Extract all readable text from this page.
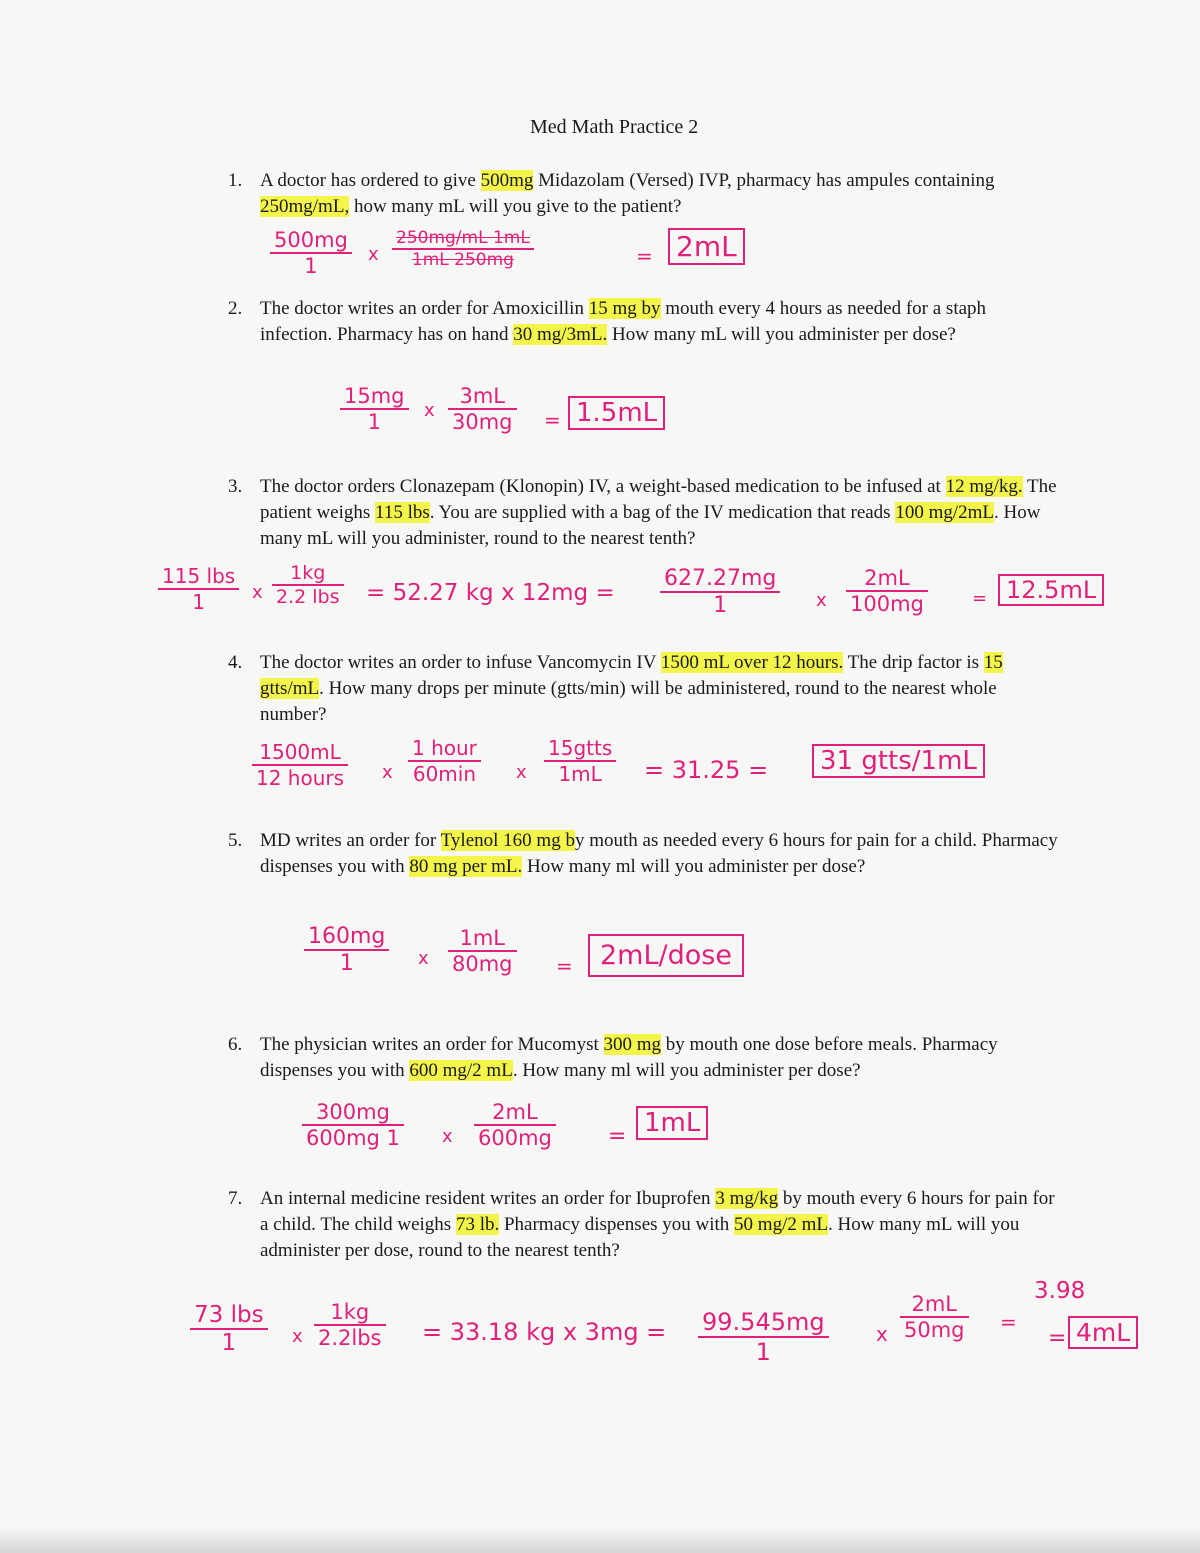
Med Math Practice 2
1. A doctor has ordered to give 500mg Midazolam (Versed) IVP, pharmacy has ampules containing 250mg/mL, how many mL will you give to the patient?
$\frac{500mg}{1}$ x $\frac{250mg/mL 1mL}{1mL 250mg}$	= 2mL
2. The doctor writes an order for Amoxicillin 15 mg by mouth every 4 hours as needed for a staph infection. Pharmacy has on hand 30 mg/3mL. How many mL will you administer per dose?
$\frac{15mg}{1}$ x $\frac{3mL}{30mg} = 1.5mL$
3. The doctor orders Clonazepam (Klonopin) IV, a weight-based medication to be infused at 12 mg/kg. The patient weighs 115 lbs. You are supplied with a bag of the IV medication that reads 100 mg/2mL. How many mL will you administer, round to the nearest tenth?
115 lbs
1	x
1kg
2.2 lbs = 52.27 kg x $12mg = \frac{627.27mg}{1}$ x $\frac{2mL}{100mg} = 12.5mL$
4. The doctor writes an order to infuse Vancomycin IV 1500 mL over 12 hours. The drip factor is 15 gtts/mL. How many drops per minute (gtts/min) will be administered, round to the nearest whole number?
1500mL
12 hours x
1 hour
60min x
15gtts
1mL	= 31.25 =	31 gtts/1mL
5. MD writes an order for Tylenol 160 mg by mouth as needed every 6 hours for pain for a child. Pharmacy dispenses you with 80 mg per mL. How many ml will you administer per dose?
$\frac{160mg}{1}$ x $\frac{1mL}{80mg}$ =	2mL/dose
6. The physician writes an order for Mucomyst 300 mg by mouth one dose before meals. Pharmacy dispenses you with 600 mg/2 mL. How many ml will you administer per dose?
$\frac{300mg}{600mg 1}$ x $\frac{2mL}{600mg} = 1mL$
7. An internal medicine resident writes an order for Ibuprofen 3 mg/kg by mouth every 6 hours for pain for a child. The child weighs 73 lb. Pharmacy dispenses you with 50 mg/2 mL. How many mL will you administer per dose, round to the nearest tenth?
73 lbs
1	x
1kg
2.2lbs = 33.18 kg x $3mg = \frac{99.545mg}{1}$ x $\frac{2mL}{50mg}$ =
3.98
= 4mL
